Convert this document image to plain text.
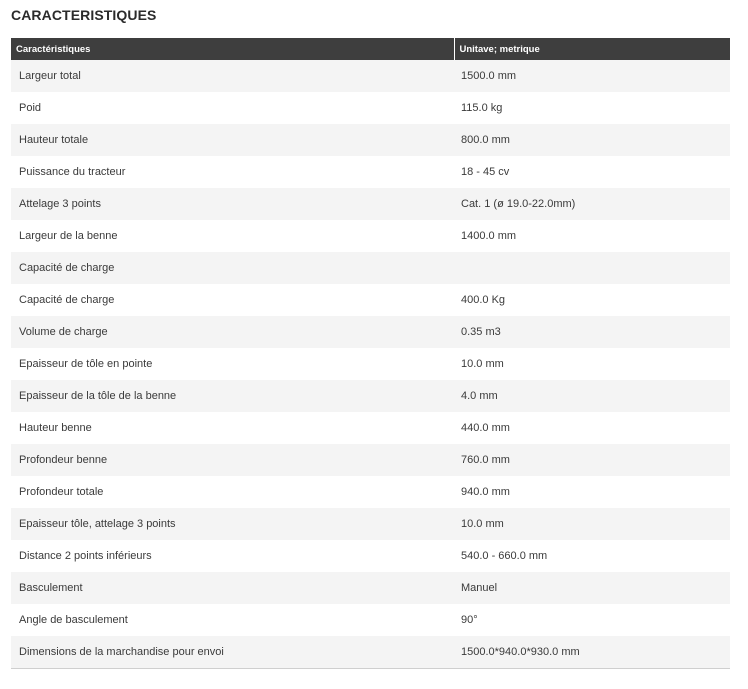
CARACTERISTIQUES
Caractéristiques	Unitave; metrique
Largeur total	1500.0 mm
Poid	115.0 kg
Hauteur totale	800.0 mm
Puissance du tracteur	18 - 45 cv
Attelage 3 points	Cat. 1 (ø 19.0-22.0mm)
Largeur de la benne	1400.0 mm
Capacité de charge	
Capacité de charge	400.0 Kg
Volume de charge	0.35 m3
Epaisseur de tôle en pointe	10.0 mm
Epaisseur de la tôle de la benne	4.0 mm
Hauteur benne	440.0 mm
Profondeur benne	760.0 mm
Profondeur totale	940.0 mm
Epaisseur tôle, attelage 3 points	10.0 mm
Distance 2 points inférieurs	540.0 - 660.0 mm
Basculement	Manuel
Angle de basculement	90°
Dimensions de la marchandise pour envoi	1500.0*940.0*930.0 mm
